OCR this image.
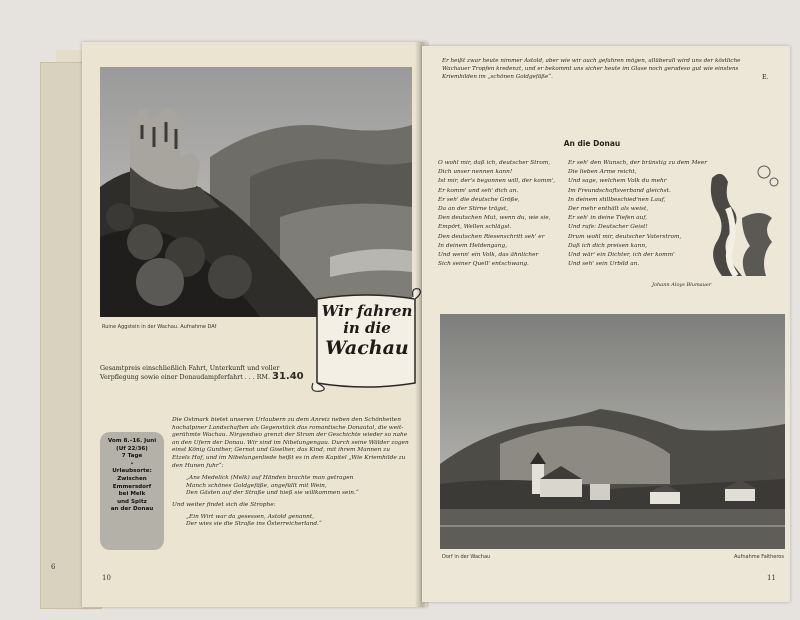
6
Ruine Aggstein in der Wachau. Aufnahme DAf
Wir fahren
in die
Wachau
Gesamtpreis einschließlich Fahrt, Unterkunft und voller
Verpflegung sowie einer Donaudampferfahrt . . . RM. 31.40
Vom 8.–16. Juni
(Uf 22/36)
7 Tage
•
Urlaubsorte:
Zwischen
Emmersdorf
bei Melk
und Spitz
an der Donau
Die Ostmark bietet unseren Urlaubern zu dem Anreiz neben den Schönheiten
hochalpiner Landschaften als Gegenstück das romantische Donautal, die weit-
gerühmte Wachau. Nirgendwo grenzt der Strom der Geschichte wieder so nahe
an den Ufern der Donau. Wir sind im Nibelungengau. Durch seine Wälder zogen
einst König Gunther, Gernot und Giselher, das Kind, mit ihrem Mannen zu
Etzels Hof, und im Nibelungenliede heißt es in dem Kapitel „Wie Kriemhilde zu
den Hunen fuhr“:
„Ans Medelick (Melk) auf Händen brachte man getragen
Manch schönes Goldgefäße, angefüllt mit Wein,
Den Gästen auf der Straße und hieß sie willkommen sein.“
Und weiter findet sich die Strophe:
„Ein Wirt war da gesessen, Astold genannt,
Der wies sie die Straße ins Österreicherland.“
10
Er heißt zwar heute nimmer Astold, aber wie wir auch gefahren mögen, allüberall wird uns der köstliche
Wachauer Tropfen kredenzt, und er bekommt uns sicher heute im Glase noch geradeso gut wie einstens
Kriemhilden im „schönen Goldgefäße“.	E.
An die Donau
O wohl mir, daß ich, deutscher Strom,
Dich unser nennen kann!
Ist mir, der's begonnen will, der komm',
Er komm' und seh' dich an.
Er seh' die deutsche Größe,
Da an der Stirne trägst,
Den deutschen Mut, wenn du, wie sie,
Empört, Wellen schlägst.
Den deutschen Riesenschritt seh' er
In deinem Heldengang,
Und wenn' ein Volk, das ähnlicher
Sich seiner Quell' entschwang.
Er seh' den Wunsch, der brünstig zu dem Meer
Die lieben Arme reicht,
Und sage, welchem Volk du mehr
Im Freundschaftsverband gleichst.
In deinem stillbeschied'nen Lauf,
Der mehr enthält als weist,
Er seh' in deine Tiefen auf,
Und rufe: Deutscher Geist!
Drum wohl mir, deutscher Vaterstrom,
Daß ich dich preisen kann,
Und wär' ein Dichter, ich der komm'
Und seh' sein Urbild an.
Johann Aloys Blumauer
Dorf in der Wachau	Aufnahme Faltheros
11
